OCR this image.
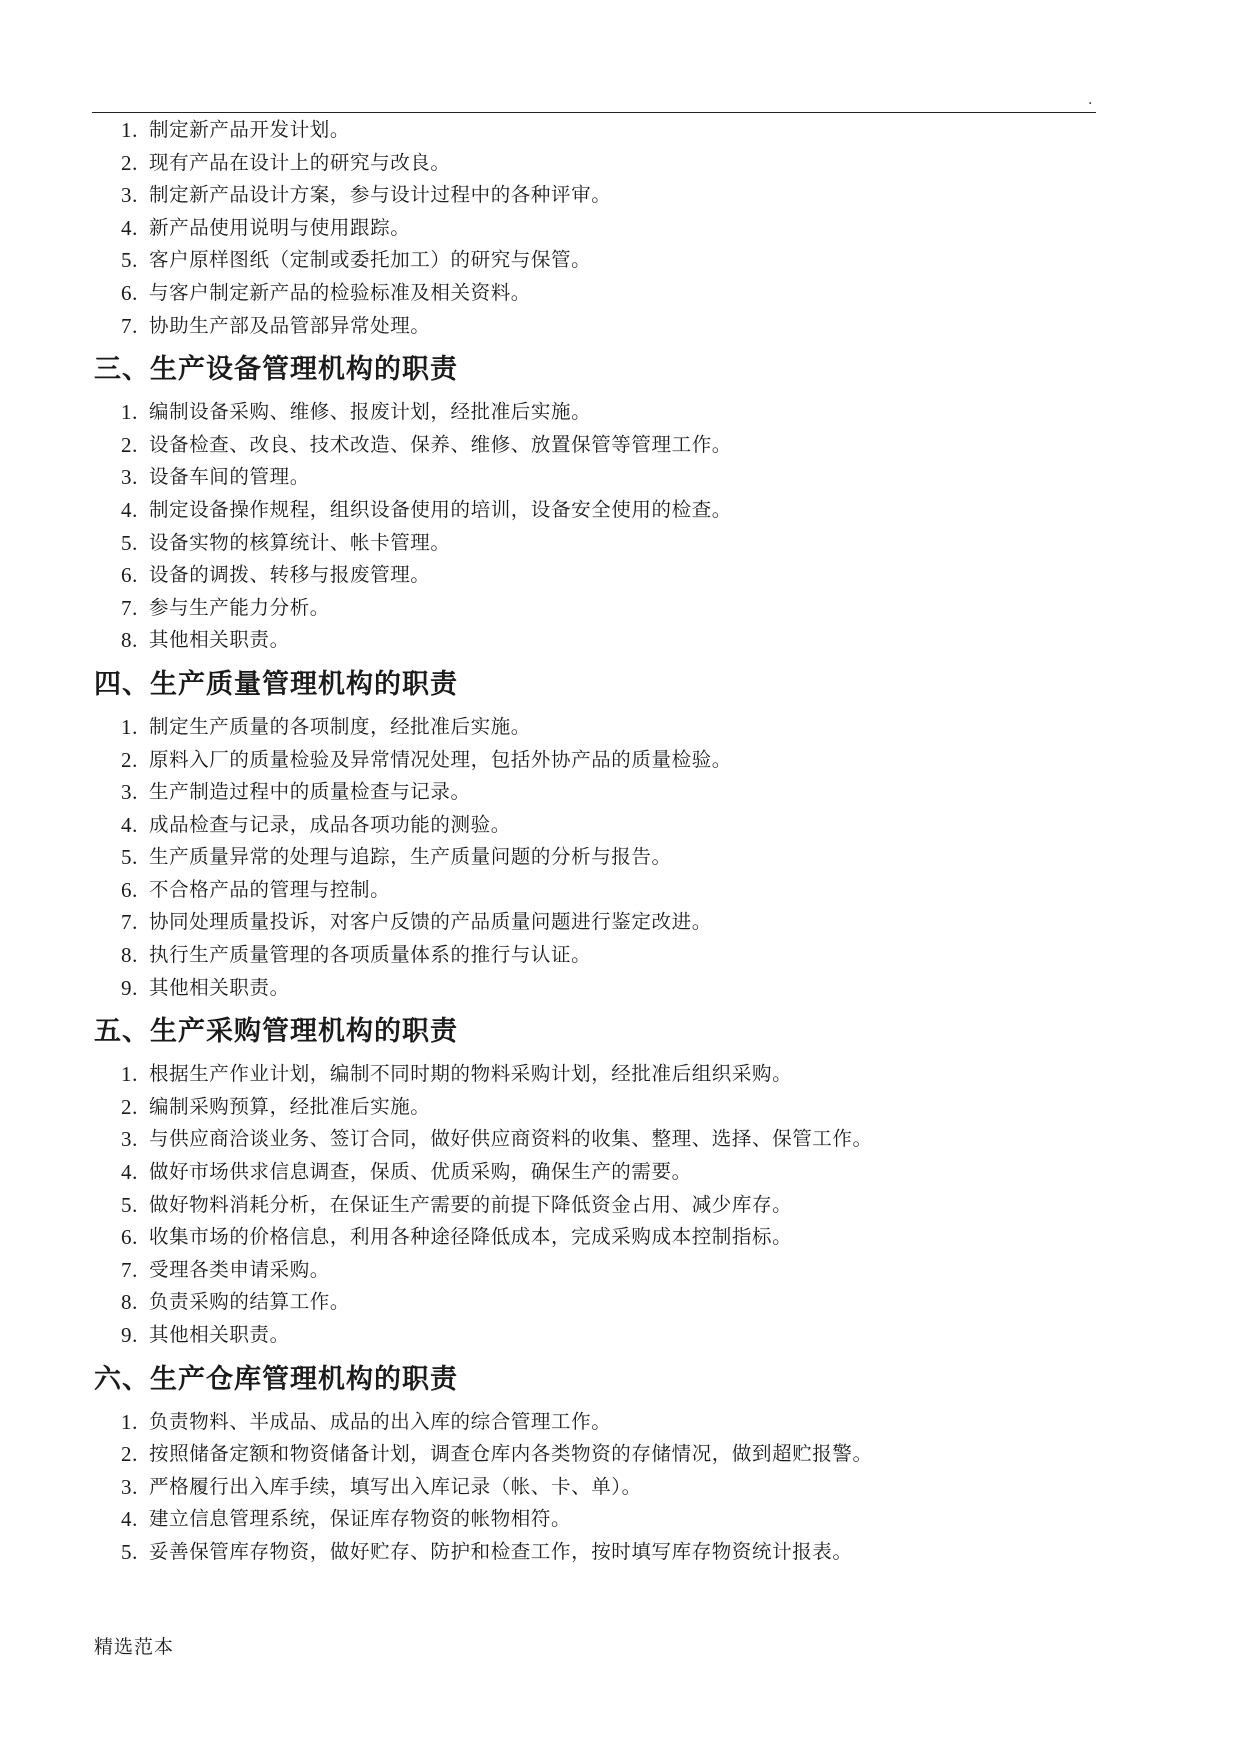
.
1. 制定新产品开发计划。
2. 现有产品在设计上的研究与改良。
3. 制定新产品设计方案，参与设计过程中的各种评审。
4. 新产品使用说明与使用跟踪。
5. 客户原样图纸（定制或委托加工）的研究与保管。
6. 与客户制定新产品的检验标准及相关资料。
7. 协助生产部及品管部异常处理。
三、生产设备管理机构的职责
1. 编制设备采购、维修、报废计划，经批准后实施。
2. 设备检查、改良、技术改造、保养、维修、放置保管等管理工作。
3. 设备车间的管理。
4. 制定设备操作规程，组织设备使用的培训，设备安全使用的检查。
5. 设备实物的核算统计、帐卡管理。
6. 设备的调拨、转移与报废管理。
7. 参与生产能力分析。
8. 其他相关职责。
四、生产质量管理机构的职责
1. 制定生产质量的各项制度，经批准后实施。
2. 原料入厂的质量检验及异常情况处理，包括外协产品的质量检验。
3. 生产制造过程中的质量检查与记录。
4. 成品检查与记录，成品各项功能的测验。
5. 生产质量异常的处理与追踪，生产质量问题的分析与报告。
6. 不合格产品的管理与控制。
7. 协同处理质量投诉，对客户反馈的产品质量问题进行鉴定改进。
8. 执行生产质量管理的各项质量体系的推行与认证。
9. 其他相关职责。
五、生产采购管理机构的职责
1. 根据生产作业计划，编制不同时期的物料采购计划，经批准后组织采购。
2. 编制采购预算，经批准后实施。
3. 与供应商洽谈业务、签订合同，做好供应商资料的收集、整理、选择、保管工作。
4. 做好市场供求信息调查，保质、优质采购，确保生产的需要。
5. 做好物料消耗分析，在保证生产需要的前提下降低资金占用、减少库存。
6. 收集市场的价格信息，利用各种途径降低成本，完成采购成本控制指标。
7. 受理各类申请采购。
8. 负责采购的结算工作。
9. 其他相关职责。
六、生产仓库管理机构的职责
1. 负责物料、半成品、成品的出入库的综合管理工作。
2. 按照储备定额和物资储备计划，调查仓库内各类物资的存储情况，做到超贮报警。
3. 严格履行出入库手续，填写出入库记录（帐、卡、单）。
4. 建立信息管理系统，保证库存物资的帐物相符。
5. 妥善保管库存物资，做好贮存、防护和检查工作，按时填写库存物资统计报表。
精选范本
